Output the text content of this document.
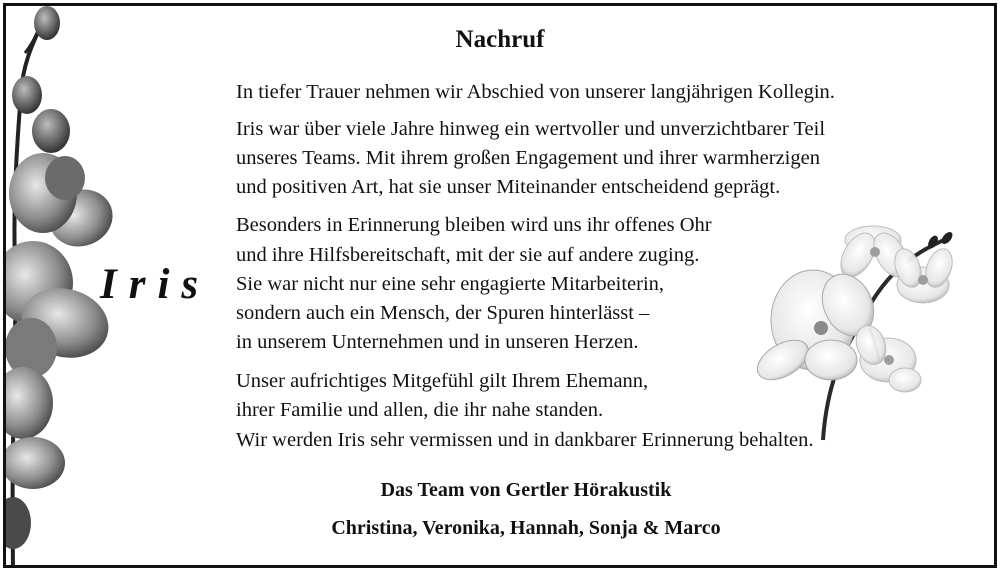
Iris
Nachruf
In tiefer Trauer nehmen wir Abschied von unserer langjährigen Kollegin.
Iris war über viele Jahre hinweg ein wertvoller und unverzichtbarer Teil
unseres Teams. Mit ihrem großen Engagement und ihrer warmherzigen
und positiven Art, hat sie unser Miteinander entscheidend geprägt.
Besonders in Erinnerung bleiben wird uns ihr offenes Ohr
und ihre Hilfsbereitschaft, mit der sie auf andere zuging.
Sie war nicht nur eine sehr engagierte Mitarbeiterin,
sondern auch ein Mensch, der Spuren hinterlässt –
in unserem Unternehmen und in unseren Herzen.
Unser aufrichtiges Mitgefühl gilt Ihrem Ehemann,
ihrer Familie und allen, die ihr nahe standen.
Wir werden Iris sehr vermissen und in dankbarer Erinnerung behalten.
Das Team von Gertler Hörakustik
Christina, Veronika, Hannah, Sonja & Marco
